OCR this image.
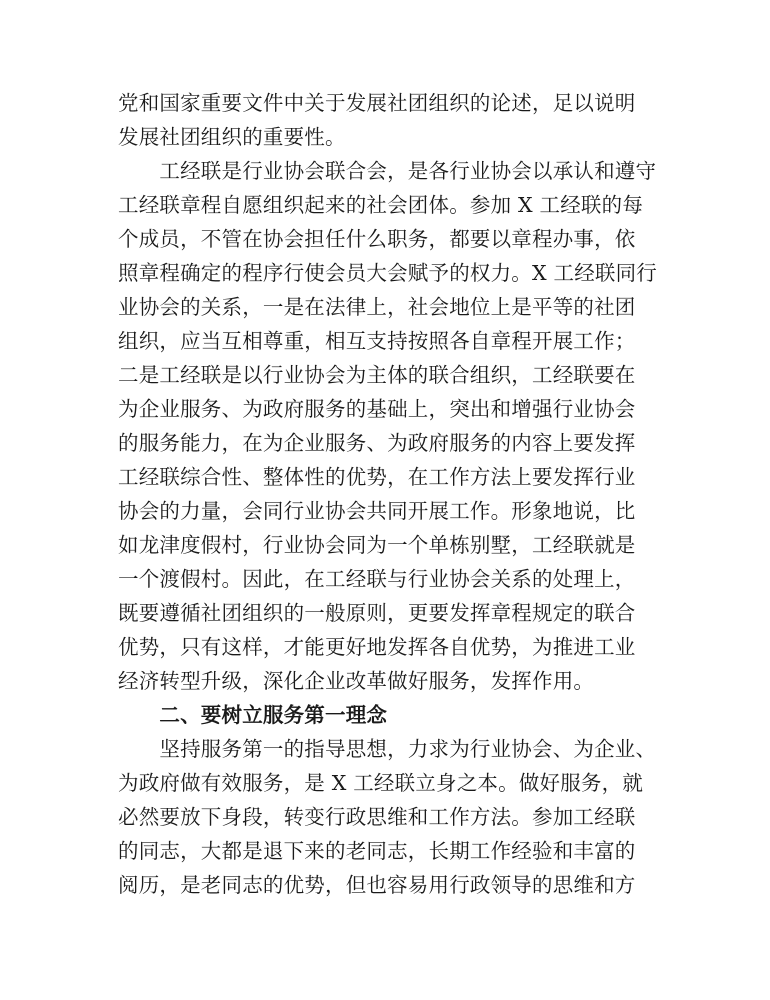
党和国家重要文件中关于发展社团组织的论述，足以说明
发展社团组织的重要性。
　　工经联是行业协会联合会，是各行业协会以承认和遵守
工经联章程自愿组织起来的社会团体。参加 X 工经联的每
个成员，不管在协会担任什么职务，都要以章程办事，依
照章程确定的程序行使会员大会赋予的权力。X 工经联同行
业协会的关系，一是在法律上，社会地位上是平等的社团
组织，应当互相尊重，相互支持按照各自章程开展工作；
二是工经联是以行业协会为主体的联合组织，工经联要在
为企业服务、为政府服务的基础上，突出和增强行业协会
的服务能力，在为企业服务、为政府服务的内容上要发挥
工经联综合性、整体性的优势，在工作方法上要发挥行业
协会的力量，会同行业协会共同开展工作。形象地说，比
如龙津度假村，行业协会同为一个单栋别墅，工经联就是
一个渡假村。因此，在工经联与行业协会关系的处理上，
既要遵循社团组织的一般原则，更要发挥章程规定的联合
优势，只有这样，才能更好地发挥各自优势，为推进工业
经济转型升级，深化企业改革做好服务，发挥作用。
　　二、要树立服务第一理念
　　坚持服务第一的指导思想，力求为行业协会、为企业、
为政府做有效服务，是 X 工经联立身之本。做好服务，就
必然要放下身段，转变行政思维和工作方法。参加工经联
的同志，大都是退下来的老同志，长期工作经验和丰富的
阅历，是老同志的优势，但也容易用行政领导的思维和方
